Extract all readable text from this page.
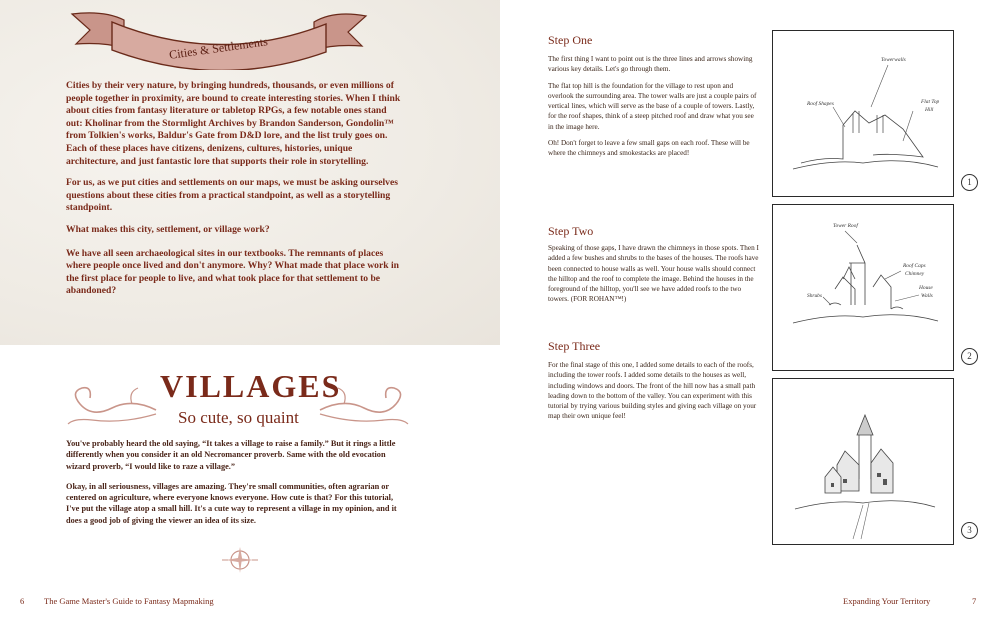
Cities & Settlements

Cities by their very nature, by bringing hundreds, thousands, or even millions of people together in proximity, are bound to create interesting stories. When I think about cities from fantasy literature or tabletop RPGs, a few notable ones stand out: Kholinar from the Stormlight Archives by Brandon Sanderson, Gondolin™ from Tolkien's works, Baldur's Gate from D&D lore, and the list truly goes on. Each of these places have citizens, denizens, cultures, histories, unique architecture, and just fantastic lore that supports their role in storytelling.

For us, as we put cities and settlements on our maps, we must be asking ourselves questions about these cities from a practical standpoint, as well as a storytelling standpoint.

What makes this city, settlement, or village work?

We have all seen archaeological sites in our textbooks. The remnants of places where people once lived and don't anymore. Why? What made that place work in the first place for people to live, and what took place for that settlement to be abandoned?

VILLAGES
So cute, so quaint

You've probably heard the old saying, “It takes a village to raise a family.” But it rings a little differently when you consider it an old Necromancer proverb. Same with the old evocation wizard proverb, “I would like to raze a village.”

Okay, in all seriousness, villages are amazing. They're small communities, often agrarian or centered on agriculture, where everyone knows everyone. How cute is that? For this tutorial, I've put the village atop a small hill. It's a cute way to represent a village in my opinion, and it does a good job of giving the viewer an idea of its size.

6 The Game Master's Guide to Fantasy Mapmaking
Step One

The first thing I want to point out is the three lines and arrows showing various key details. Let's go through them.

The flat top hill is the foundation for the village to rest upon and overlook the surrounding area. The tower walls are just a couple pairs of vertical lines, which will serve as the base of a couple of towers. Lastly, for the roof shapes, think of a steep pitched roof and draw what you see in the image here.

Oh! Don't forget to leave a few small gaps on each roof. These will be where the chimneys and smokestacks are placed!

Step Two

Speaking of those gaps, I have drawn the chimneys in those spots. Then I added a few bushes and shrubs to the bases of the houses. The roofs have been connected to house walls as well. Your house walls should connect the hilltop and the roof to complete the image. Behind the houses in the foreground of the hilltop, you'll see we have added roofs to the two towers. (FOR ROHAN™!)

Step Three

For the final stage of this one, I added some details to each of the roofs, including the tower roofs. I added some details to the houses as well, including windows and doors. The front of the hill now has a small path leading down to the bottom of the valley. You can experiment with this tutorial by trying various building styles and giving each village on your map their own unique feel!

Towerwalls
Roof Shapes	Flat Top
Hill
1
Tower Roof
Roof Caps
Chimney
House
Walls
Shrubs
2
3
Expanding Your Territory	7
